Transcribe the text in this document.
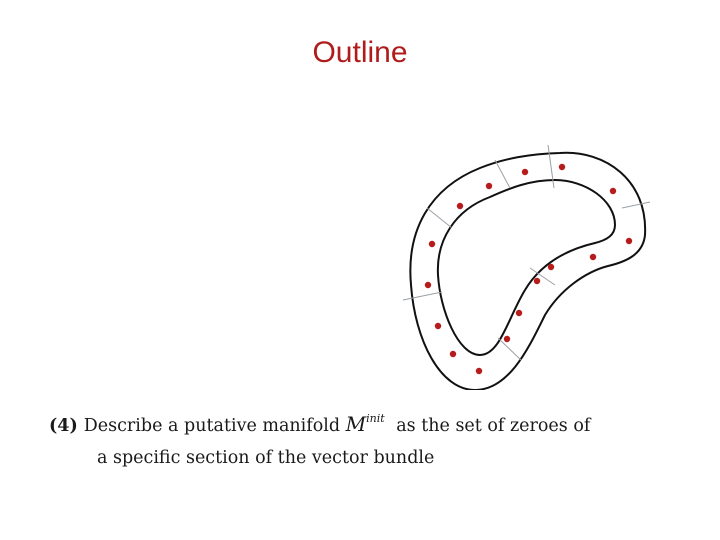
Outline
(4) Describe a putative manifold $M^{init}$ as the set of zeroes of
a specific section of the vector bundle
